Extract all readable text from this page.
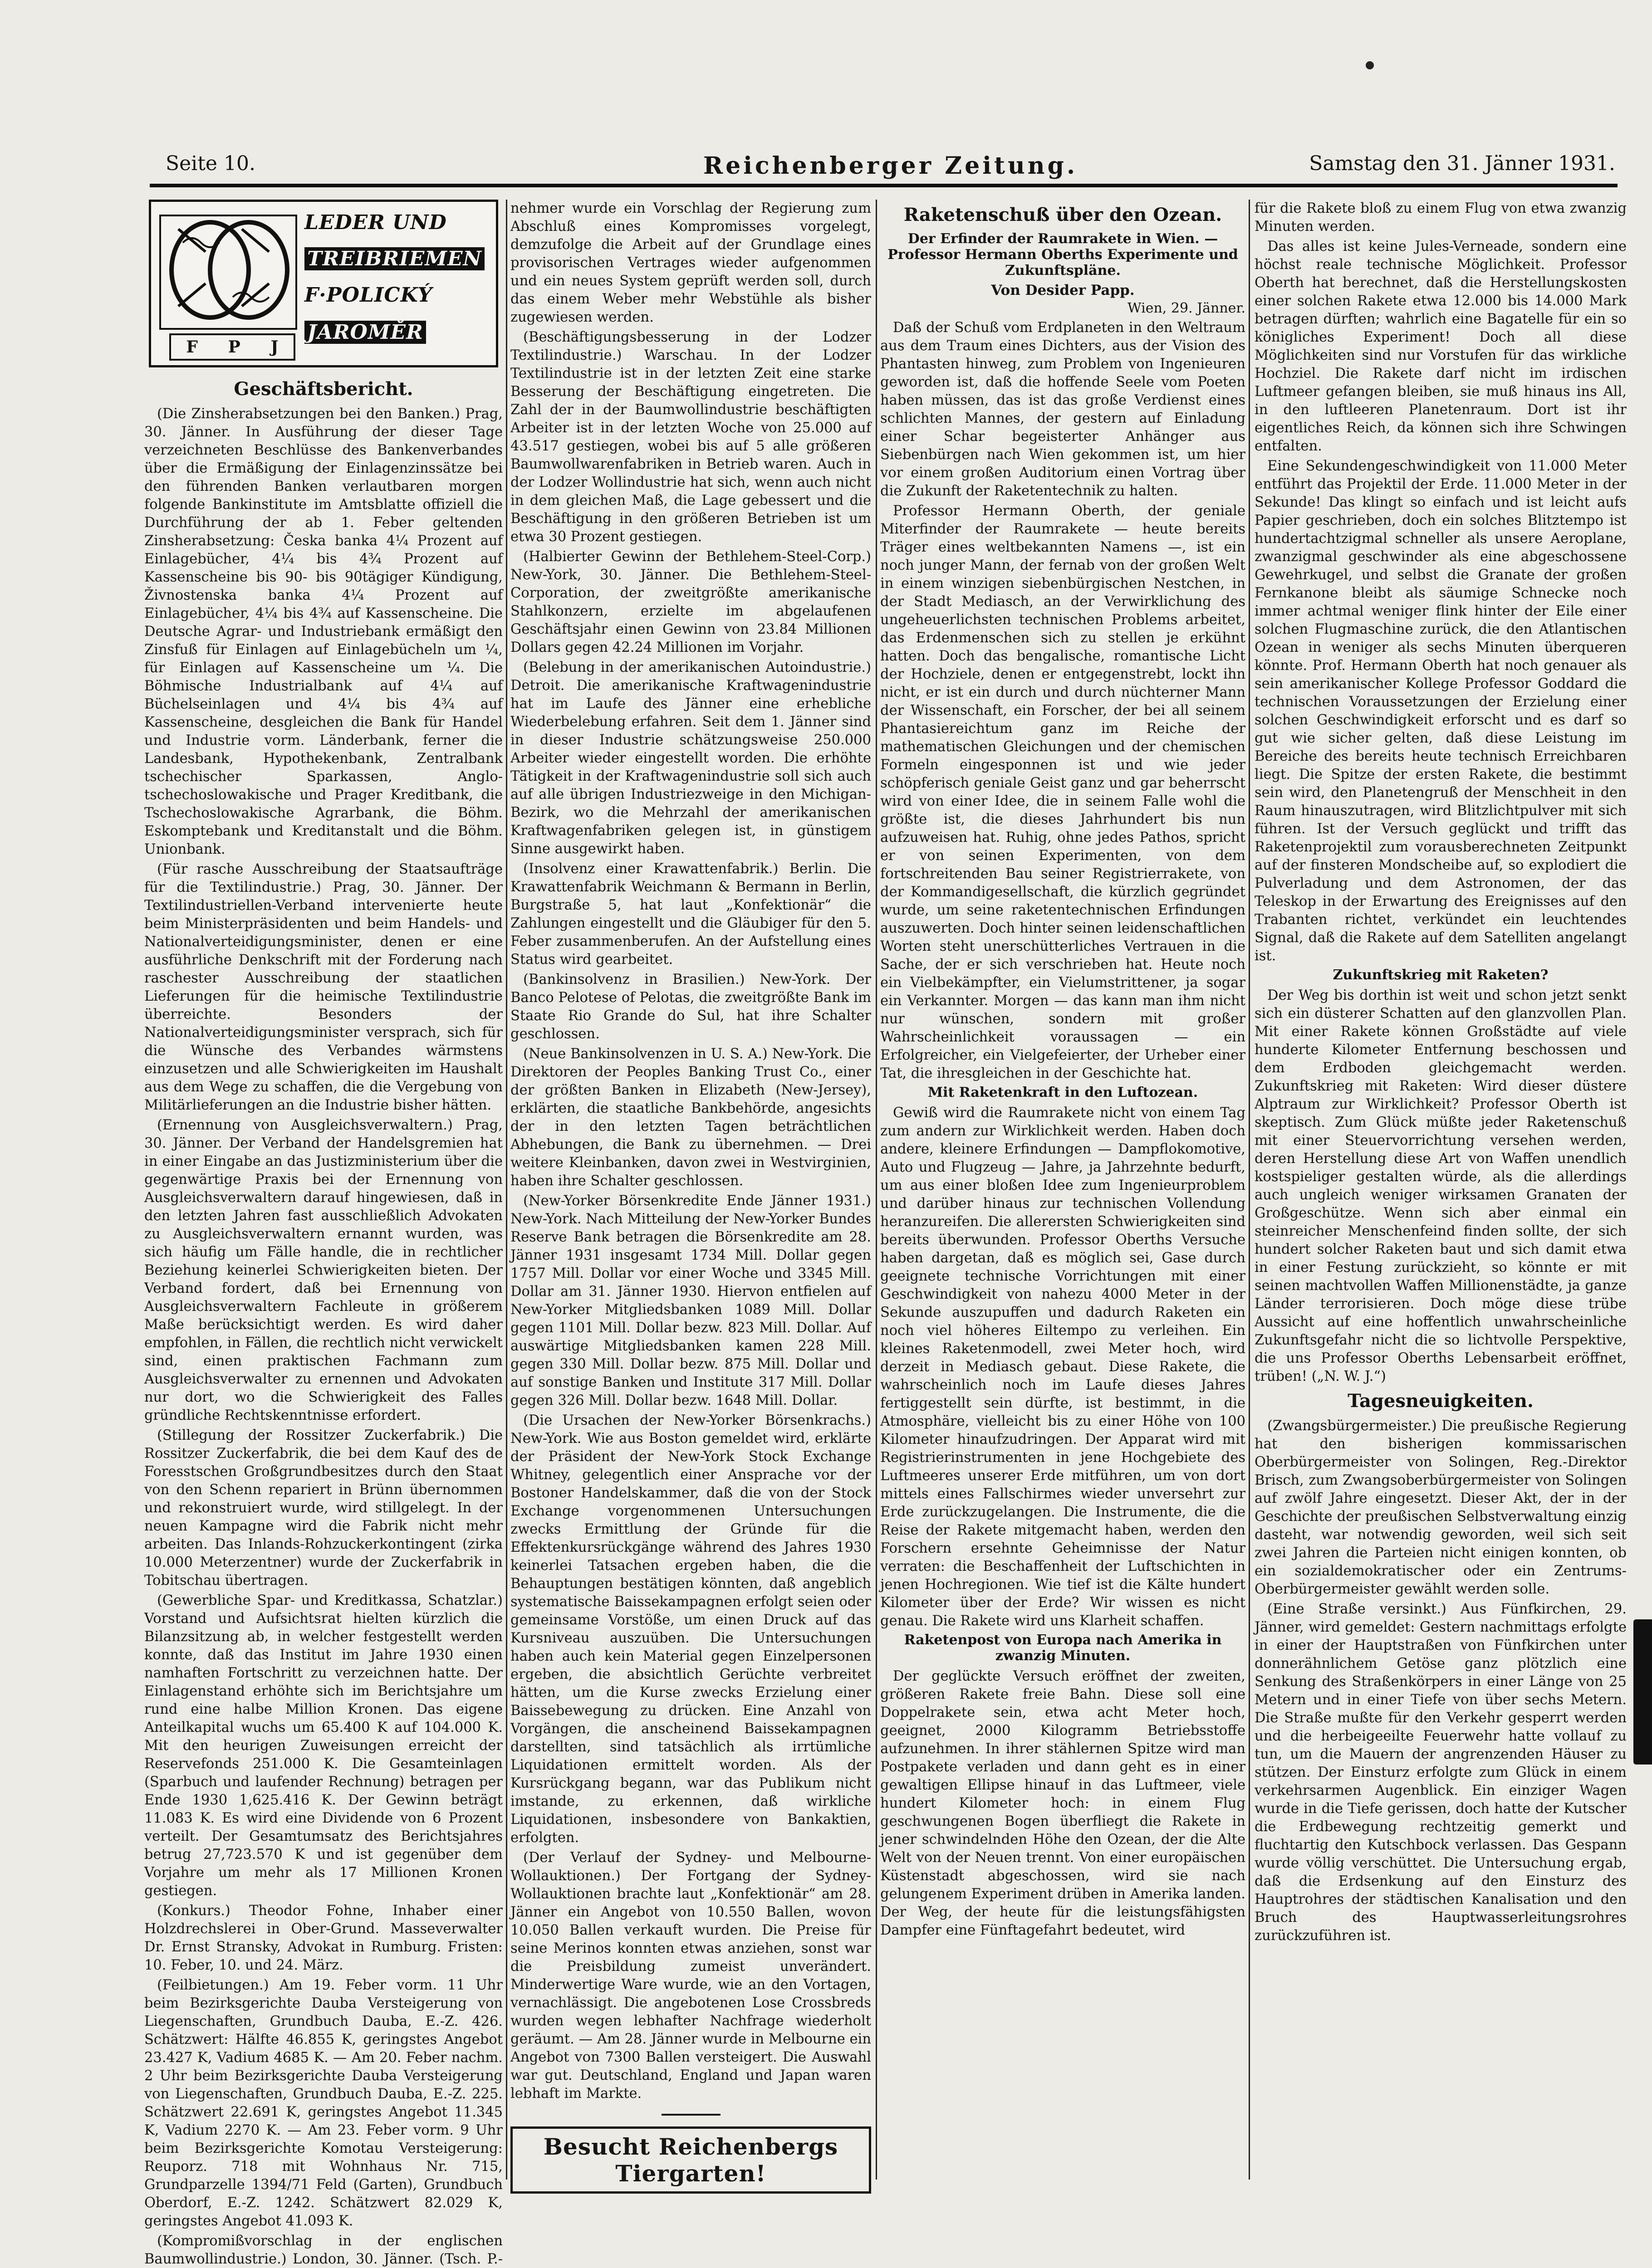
Seite 10.	Reichenberger Zeitung.	Samstag den 31. Jänner 1931.
LEDER UND
TREIBRIEMEN
F·POLICKÝ
JAROMĚR
F P J
Geschäftsbericht.

(Die Zinsherabsetzungen bei den Banken.) Prag, 30. Jänner. In Ausführung der dieser Tage verzeichneten Beschlüsse des Bankenverbandes über die Ermäßigung der Einlagenzinssätze bei den führenden Banken verlautbaren morgen folgende Bankinstitute im Amtsblatte offiziell die Durchführung der ab 1. Feber geltenden Zinsherabsetzung: Česka banka 4¼ Prozent auf Einlagebücher, 4¼ bis 4¾ Prozent auf Kassenscheine bis 90- bis 90tägiger Kündigung, Živnostenska banka 4¼ Prozent auf Einlagebücher, 4¼ bis 4¾ auf Kassenscheine. Die Deutsche Agrar- und Industriebank ermäßigt den Zinsfuß für Einlagen auf Einlagebücheln um ¼, für Einlagen auf Kassenscheine um ¼. Die Böhmische Industrialbank auf 4¼ auf Büchelseinlagen und 4¼ bis 4¾ auf Kassenscheine, desgleichen die Bank für Handel und Industrie vorm. Länderbank, ferner die Landesbank, Hypothekenbank, Zentralbank tschechischer Sparkassen, Anglo-tschechoslowakische und Prager Kreditbank, die Tschechoslowakische Agrarbank, die Böhm. Eskomptebank und Kreditanstalt und die Böhm. Unionbank.

(Für rasche Ausschreibung der Staatsaufträge für die Textilindustrie.) Prag, 30. Jänner. Der Textilindustriellen-Verband intervenierte heute beim Ministerpräsidenten und beim Handels- und Nationalverteidigungsminister, denen er eine ausführliche Denkschrift mit der Forderung nach raschester Ausschreibung der staatlichen Lieferungen für die heimische Textilindustrie überreichte. Besonders der Nationalverteidigungsminister versprach, sich für die Wünsche des Verbandes wärmstens einzusetzen und alle Schwierigkeiten im Haushalt aus dem Wege zu schaffen, die die Vergebung von Militärlieferungen an die Industrie bisher hätten.

(Ernennung von Ausgleichsverwaltern.) Prag, 30. Jänner. Der Verband der Handelsgremien hat in einer Eingabe an das Justizministerium über die gegenwärtige Praxis bei der Ernennung von Ausgleichsverwaltern darauf hingewiesen, daß in den letzten Jahren fast ausschließlich Advokaten zu Ausgleichsverwaltern ernannt wurden, was sich häufig um Fälle handle, die in rechtlicher Beziehung keinerlei Schwierigkeiten bieten. Der Verband fordert, daß bei Ernennung von Ausgleichsverwaltern Fachleute in größerem Maße berücksichtigt werden. Es wird daher empfohlen, in Fällen, die rechtlich nicht verwickelt sind, einen praktischen Fachmann zum Ausgleichsverwalter zu ernennen und Advokaten nur dort, wo die Schwierigkeit des Falles gründliche Rechtskenntnisse erfordert.

(Stillegung der Rossitzer Zuckerfabrik.) Die Rossitzer Zuckerfabrik, die bei dem Kauf des de Foresstschen Großgrundbesitzes durch den Staat von den Schenn repariert in Brünn übernommen und rekonstruiert wurde, wird stillgelegt. In der neuen Kampagne wird die Fabrik nicht mehr arbeiten. Das Inlands-Rohzuckerkontingent (zirka 10.000 Meterzentner) wurde der Zuckerfabrik in Tobitschau übertragen.

(Gewerbliche Spar- und Kreditkassa, Schatzlar.) Vorstand und Aufsichtsrat hielten kürzlich die Bilanzsitzung ab, in welcher festgestellt werden konnte, daß das Institut im Jahre 1930 einen namhaften Fortschritt zu verzeichnen hatte. Der Einlagenstand erhöhte sich im Berichtsjahre um rund eine halbe Million Kronen. Das eigene Anteilkapital wuchs um 65.400 K auf 104.000 K. Mit den heurigen Zuweisungen erreicht der Reservefonds 251.000 K. Die Gesamteinlagen (Sparbuch und laufender Rechnung) betragen per Ende 1930 1,625.416 K. Der Gewinn beträgt 11.083 K. Es wird eine Dividende von 6 Prozent verteilt. Der Gesamtumsatz des Berichtsjahres betrug 27,723.570 K und ist gegenüber dem Vorjahre um mehr als 17 Millionen Kronen gestiegen.

(Konkurs.) Theodor Fohne, Inhaber einer Holzdrechslerei in Ober-Grund. Masseverwalter Dr. Ernst Stransky, Advokat in Rumburg. Fristen: 10. Feber, 10. und 24. März.

(Feilbietungen.) Am 19. Feber vorm. 11 Uhr beim Bezirksgerichte Dauba Versteigerung von Liegenschaften, Grundbuch Dauba, E.-Z. 426. Schätzwert: Hälfte 46.855 K, geringstes Angebot 23.427 K, Vadium 4685 K. — Am 20. Feber nachm. 2 Uhr beim Bezirksgerichte Dauba Versteigerung von Liegenschaften, Grundbuch Dauba, E.-Z. 225. Schätzwert 22.691 K, geringstes Angebot 11.345 K, Vadium 2270 K. — Am 23. Feber vorm. 9 Uhr beim Bezirksgerichte Komotau Versteigerung: Reuporz. 718 mit Wohnhaus Nr. 715, Grundparzelle 1394/71 Feld (Garten), Grundbuch Oberdorf, E.-Z. 1242. Schätzwert 82.029 K, geringstes Angebot 41.093 K.

(Kompromißvorschlag in der englischen Baumwollindustrie.) London, 30. Jänner. (Tsch. P.-

nehmer wurde ein Vorschlag der Regierung zum Abschluß eines Kompromisses vorgelegt, demzufolge die Arbeit auf der Grundlage eines provisorischen Vertrages wieder aufgenommen und ein neues System geprüft werden soll, durch das einem Weber mehr Webstühle als bisher zugewiesen werden.

(Beschäftigungsbesserung in der Lodzer Textilindustrie.) Warschau. In der Lodzer Textilindustrie ist in der letzten Zeit eine starke Besserung der Beschäftigung eingetreten. Die Zahl der in der Baumwollindustrie beschäftigten Arbeiter ist in der letzten Woche von 25.000 auf 43.517 gestiegen, wobei bis auf 5 alle größeren Baumwollwarenfabriken in Betrieb waren. Auch in der Lodzer Wollindustrie hat sich, wenn auch nicht in dem gleichen Maß, die Lage gebessert und die Beschäftigung in den größeren Betrieben ist um etwa 30 Prozent gestiegen.

(Halbierter Gewinn der Bethlehem-Steel-Corp.) New-York, 30. Jänner. Die Bethlehem-Steel-Corporation, der zweitgrößte amerikanische Stahlkonzern, erzielte im abgelaufenen Geschäftsjahr einen Gewinn von 23.84 Millionen Dollars gegen 42.24 Millionen im Vorjahr.

(Belebung in der amerikanischen Autoindustrie.) Detroit. Die amerikanische Kraftwagenindustrie hat im Laufe des Jänner eine erhebliche Wiederbelebung erfahren. Seit dem 1. Jänner sind in dieser Industrie schätzungsweise 250.000 Arbeiter wieder eingestellt worden. Die erhöhte Tätigkeit in der Kraftwagenindustrie soll sich auch auf alle übrigen Industriezweige in den Michigan-Bezirk, wo die Mehrzahl der amerikanischen Kraftwagenfabriken gelegen ist, in günstigem Sinne ausgewirkt haben.

(Insolvenz einer Krawattenfabrik.) Berlin. Die Krawattenfabrik Weichmann & Bermann in Berlin, Burgstraße 5, hat laut „Konfektionär“ die Zahlungen eingestellt und die Gläubiger für den 5. Feber zusammenberufen. An der Aufstellung eines Status wird gearbeitet.

(Bankinsolvenz in Brasilien.) New-York. Der Banco Pelotese of Pelotas, die zweitgrößte Bank im Staate Rio Grande do Sul, hat ihre Schalter geschlossen.

(Neue Bankinsolvenzen in U. S. A.) New-York. Die Direktoren der Peoples Banking Trust Co., einer der größten Banken in Elizabeth (New-Jersey), erklärten, die staatliche Bankbehörde, angesichts der in den letzten Tagen beträchtlichen Abhebungen, die Bank zu übernehmen. — Drei weitere Kleinbanken, davon zwei in Westvirginien, haben ihre Schalter geschlossen.

(New-Yorker Börsenkredite Ende Jänner 1931.) New-York. Nach Mitteilung der New-Yorker Bundes Reserve Bank betragen die Börsenkredite am 28. Jänner 1931 insgesamt 1734 Mill. Dollar gegen 1757 Mill. Dollar vor einer Woche und 3345 Mill. Dollar am 31. Jänner 1930. Hiervon entfielen auf New-Yorker Mitgliedsbanken 1089 Mill. Dollar gegen 1101 Mill. Dollar bezw. 823 Mill. Dollar. Auf auswärtige Mitgliedsbanken kamen 228 Mill. gegen 330 Mill. Dollar bezw. 875 Mill. Dollar und auf sonstige Banken und Institute 317 Mill. Dollar gegen 326 Mill. Dollar bezw. 1648 Mill. Dollar.

(Die Ursachen der New-Yorker Börsenkrachs.) New-York. Wie aus Boston gemeldet wird, erklärte der Präsident der New-York Stock Exchange Whitney, gelegentlich einer Ansprache vor der Bostoner Handelskammer, daß die von der Stock Exchange vorgenommenen Untersuchungen zwecks Ermittlung der Gründe für die Effektenkursrückgänge während des Jahres 1930 keinerlei Tatsachen ergeben haben, die die Behauptungen bestätigen könnten, daß angeblich systematische Baissekampagnen erfolgt seien oder gemeinsame Vorstöße, um einen Druck auf das Kursniveau auszuüben. Die Untersuchungen haben auch kein Material gegen Einzelpersonen ergeben, die absichtlich Gerüchte verbreitet hätten, um die Kurse zwecks Erzielung einer Baissebewegung zu drücken. Eine Anzahl von Vorgängen, die anscheinend Baissekampagnen darstellten, sind tatsächlich als irrtümliche Liquidationen ermittelt worden. Als der Kursrückgang begann, war das Publikum nicht imstande, zu erkennen, daß wirkliche Liquidationen, insbesondere von Bankaktien, erfolgten.

(Der Verlauf der Sydney- und Melbourne-Wollauktionen.) Der Fortgang der Sydney-Wollauktionen brachte laut „Konfektionär“ am 28. Jänner ein Angebot von 10.550 Ballen, wovon 10.050 Ballen verkauft wurden. Die Preise für seine Merinos konnten etwas anziehen, sonst war die Preisbildung zumeist unverändert. Minderwertige Ware wurde, wie an den Vortagen, vernachlässigt. Die angebotenen Lose Crossbreds wurden wegen lebhafter Nachfrage wiederholt geräumt. — Am 28. Jänner wurde in Melbourne ein Angebot von 7300 Ballen versteigert. Die Auswahl war gut. Deutschland, England und Japan waren lebhaft im Markte.

Besucht Reichenbergs Tiergarten!
Raketenschuß über den Ozean.
Der Erfinder der Raumrakete in Wien. — Professor Hermann Oberths Experimente und Zukunftspläne.
Von Desider Papp.
Wien, 29. Jänner.

Daß der Schuß vom Erdplaneten in den Weltraum aus dem Traum eines Dichters, aus der Vision des Phantasten hinweg, zum Problem von Ingenieuren geworden ist, daß die hoffende Seele vom Poeten haben müssen, das ist das große Verdienst eines schlichten Mannes, der gestern auf Einladung einer Schar begeisterter Anhänger aus Siebenbürgen nach Wien gekommen ist, um hier vor einem großen Auditorium einen Vortrag über die Zukunft der Raketentechnik zu halten.

Professor Hermann Oberth, der geniale Miterfinder der Raumrakete — heute bereits Träger eines weltbekannten Namens —, ist ein noch junger Mann, der fernab von der großen Welt in einem winzigen siebenbürgischen Nestchen, in der Stadt Mediasch, an der Verwirklichung des ungeheuerlichsten technischen Problems arbeitet, das Erdenmenschen sich zu stellen je erkühnt hatten. Doch das bengalische, romantische Licht der Hochziele, denen er entgegenstrebt, lockt ihn nicht, er ist ein durch und durch nüchterner Mann der Wissenschaft, ein Forscher, der bei all seinem Phantasiereichtum ganz im Reiche der mathematischen Gleichungen und der chemischen Formeln eingesponnen ist und wie jeder schöpferisch geniale Geist ganz und gar beherrscht wird von einer Idee, die in seinem Falle wohl die größte ist, die dieses Jahrhundert bis nun aufzuweisen hat. Ruhig, ohne jedes Pathos, spricht er von seinen Experimenten, von dem fortschreitenden Bau seiner Registrierrakete, von der Kommandigesellschaft, die kürzlich gegründet wurde, um seine raketentechnischen Erfindungen auszuwerten. Doch hinter seinen leidenschaftlichen Worten steht unerschütterliches Vertrauen in die Sache, der er sich verschrieben hat. Heute noch ein Vielbekämpfter, ein Vielumstrittener, ja sogar ein Verkannter. Morgen — das kann man ihm nicht nur wünschen, sondern mit großer Wahrscheinlichkeit voraussagen — ein Erfolgreicher, ein Vielgefeierter, der Urheber einer Tat, die ihresgleichen in der Geschichte hat.

Mit Raketenkraft in den Luftozean.

Gewiß wird die Raumrakete nicht von einem Tag zum andern zur Wirklichkeit werden. Haben doch andere, kleinere Erfindungen — Dampflokomotive, Auto und Flugzeug — Jahre, ja Jahrzehnte bedurft, um aus einer bloßen Idee zum Ingenieurproblem und darüber hinaus zur technischen Vollendung heranzureifen. Die allerersten Schwierigkeiten sind bereits überwunden. Professor Oberths Versuche haben dargetan, daß es möglich sei, Gase durch geeignete technische Vorrichtungen mit einer Geschwindigkeit von nahezu 4000 Meter in der Sekunde auszupuffen und dadurch Raketen ein noch viel höheres Eiltempo zu verleihen. Ein kleines Raketenmodell, zwei Meter hoch, wird derzeit in Mediasch gebaut. Diese Rakete, die wahrscheinlich noch im Laufe dieses Jahres fertiggestellt sein dürfte, ist bestimmt, in die Atmosphäre, vielleicht bis zu einer Höhe von 100 Kilometer hinaufzudringen. Der Apparat wird mit Registrierinstrumenten in jene Hochgebiete des Luftmeeres unserer Erde mitführen, um von dort mittels eines Fallschirmes wieder unversehrt zur Erde zurückzugelangen. Die Instrumente, die die Reise der Rakete mitgemacht haben, werden den Forschern ersehnte Geheimnisse der Natur verraten: die Beschaffenheit der Luftschichten in jenen Hochregionen. Wie tief ist die Kälte hundert Kilometer über der Erde? Wir wissen es nicht genau. Die Rakete wird uns Klarheit schaffen.

Raketenpost von Europa nach Amerika in zwanzig Minuten.

Der geglückte Versuch eröffnet der zweiten, größeren Rakete freie Bahn. Diese soll eine Doppelrakete sein, etwa acht Meter hoch, geeignet, 2000 Kilogramm Betriebsstoffe aufzunehmen. In ihrer stählernen Spitze wird man Postpakete verladen und dann geht es in einer gewaltigen Ellipse hinauf in das Luftmeer, viele hundert Kilometer hoch: in einem Flug geschwungenen Bogen überfliegt die Rakete in jener schwindelnden Höhe den Ozean, der die Alte Welt von der Neuen trennt. Von einer europäischen Küstenstadt abgeschossen, wird sie nach gelungenem Experiment drüben in Amerika landen. Der Weg, der heute für die leistungsfähigsten Dampfer eine Fünftagefahrt bedeutet, wird

für die Rakete bloß zu einem Flug von etwa zwanzig Minuten werden.

Das alles ist keine Jules-Verneade, sondern eine höchst reale technische Möglichkeit. Professor Oberth hat berechnet, daß die Herstellungskosten einer solchen Rakete etwa 12.000 bis 14.000 Mark betragen dürften; wahrlich eine Bagatelle für ein so königliches Experiment! Doch all diese Möglichkeiten sind nur Vorstufen für das wirkliche Hochziel. Die Rakete darf nicht im irdischen Luftmeer gefangen bleiben, sie muß hinaus ins All, in den luftleeren Planetenraum. Dort ist ihr eigentliches Reich, da können sich ihre Schwingen entfalten.

Eine Sekundengeschwindigkeit von 11.000 Meter entführt das Projektil der Erde. 11.000 Meter in der Sekunde! Das klingt so einfach und ist leicht aufs Papier geschrieben, doch ein solches Blitztempo ist hundertachtzigmal schneller als unsere Aeroplane, zwanzigmal geschwinder als eine abgeschossene Gewehrkugel, und selbst die Granate der großen Fernkanone bleibt als säumige Schnecke noch immer achtmal weniger flink hinter der Eile einer solchen Flugmaschine zurück, die den Atlantischen Ozean in weniger als sechs Minuten überqueren könnte. Prof. Hermann Oberth hat noch genauer als sein amerikanischer Kollege Professor Goddard die technischen Voraussetzungen der Erzielung einer solchen Geschwindigkeit erforscht und es darf so gut wie sicher gelten, daß diese Leistung im Bereiche des bereits heute technisch Erreichbaren liegt. Die Spitze der ersten Rakete, die bestimmt sein wird, den Planetengruß der Menschheit in den Raum hinauszutragen, wird Blitzlichtpulver mit sich führen. Ist der Versuch geglückt und trifft das Raketenprojektil zum vorausberechneten Zeitpunkt auf der finsteren Mondscheibe auf, so explodiert die Pulverladung und dem Astronomen, der das Teleskop in der Erwartung des Ereignisses auf den Trabanten richtet, verkündet ein leuchtendes Signal, daß die Rakete auf dem Satelliten angelangt ist.

Zukunftskrieg mit Raketen?

Der Weg bis dorthin ist weit und schon jetzt senkt sich ein düsterer Schatten auf den glanzvollen Plan. Mit einer Rakete können Großstädte auf viele hunderte Kilometer Entfernung beschossen und dem Erdboden gleichgemacht werden. Zukunftskrieg mit Raketen: Wird dieser düstere Alptraum zur Wirklichkeit? Professor Oberth ist skeptisch. Zum Glück müßte jeder Raketenschuß mit einer Steuervorrichtung versehen werden, deren Herstellung diese Art von Waffen unendlich kostspieliger gestalten würde, als die allerdings auch ungleich weniger wirksamen Granaten der Großgeschütze. Wenn sich aber einmal ein steinreicher Menschenfeind finden sollte, der sich hundert solcher Raketen baut und sich damit etwa in einer Festung zurückzieht, so könnte er mit seinen machtvollen Waffen Millionenstädte, ja ganze Länder terrorisieren. Doch möge diese trübe Aussicht auf eine hoffentlich unwahrscheinliche Zukunftsgefahr nicht die so lichtvolle Perspektive, die uns Professor Oberths Lebensarbeit eröffnet, trüben! („N. W. J.“)

Tagesneuigkeiten.

(Zwangsbürgermeister.) Die preußische Regierung hat den bisherigen kommissarischen Oberbürgermeister von Solingen, Reg.-Direktor Brisch, zum Zwangsoberbürgermeister von Solingen auf zwölf Jahre eingesetzt. Dieser Akt, der in der Geschichte der preußischen Selbstverwaltung einzig dasteht, war notwendig geworden, weil sich seit zwei Jahren die Parteien nicht einigen konnten, ob ein sozialdemokratischer oder ein Zentrums-Oberbürgermeister gewählt werden solle.

(Eine Straße versinkt.) Aus Fünfkirchen, 29. Jänner, wird gemeldet: Gestern nachmittags erfolgte in einer der Hauptstraßen von Fünfkirchen unter donnerähnlichem Getöse ganz plötzlich eine Senkung des Straßenkörpers in einer Länge von 25 Metern und in einer Tiefe von über sechs Metern. Die Straße mußte für den Verkehr gesperrt werden und die herbeigeeilte Feuerwehr hatte vollauf zu tun, um die Mauern der angrenzenden Häuser zu stützen. Der Einsturz erfolgte zum Glück in einem verkehrsarmen Augenblick. Ein einziger Wagen wurde in die Tiefe gerissen, doch hatte der Kutscher die Erdbewegung rechtzeitig gemerkt und fluchtartig den Kutschbock verlassen. Das Gespann wurde völlig verschüttet. Die Untersuchung ergab, daß die Erdsenkung auf den Einsturz des Hauptrohres der städtischen Kanalisation und den Bruch des Hauptwasserleitungsrohres zurückzuführen ist.
